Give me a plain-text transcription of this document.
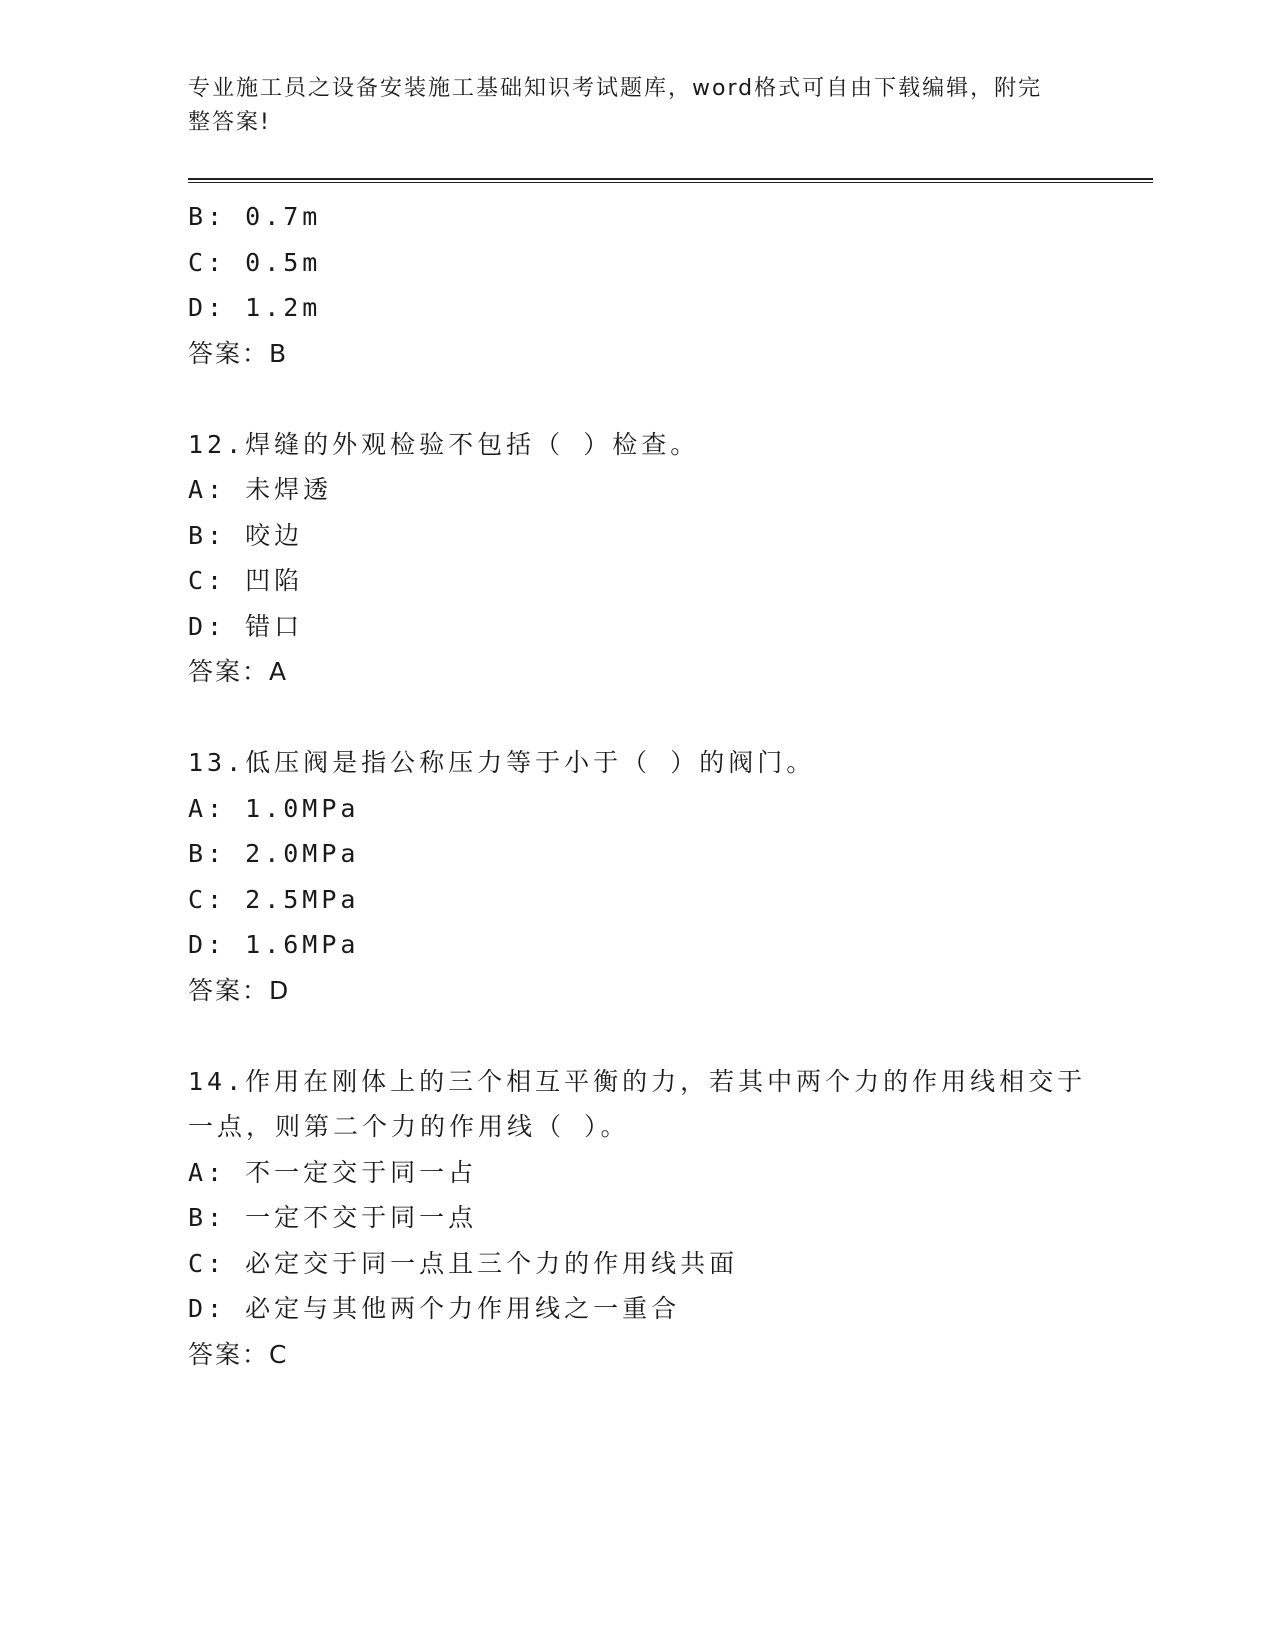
专业施工员之设备安装施工基础知识考试题库，word格式可自由下载编辑，附完
整答案!
B: 0.7m
C: 0.5m
D: 1.2m
答案：B
12.焊缝的外观检验不包括（ ）检查。
A: 未焊透
B: 咬边
C: 凹陷
D: 错口
答案：A
13.低压阀是指公称压力等于小于（ ）的阀门。
A: 1.0MPa
B: 2.0MPa
C: 2.5MPa
D: 1.6MPa
答案：D
14.作用在刚体上的三个相互平衡的力，若其中两个力的作用线相交于
一点，则第二个力的作用线（ ）。
A: 不一定交于同一占
B: 一定不交于同一点
C: 必定交于同一点且三个力的作用线共面
D: 必定与其他两个力作用线之一重合
答案：C
